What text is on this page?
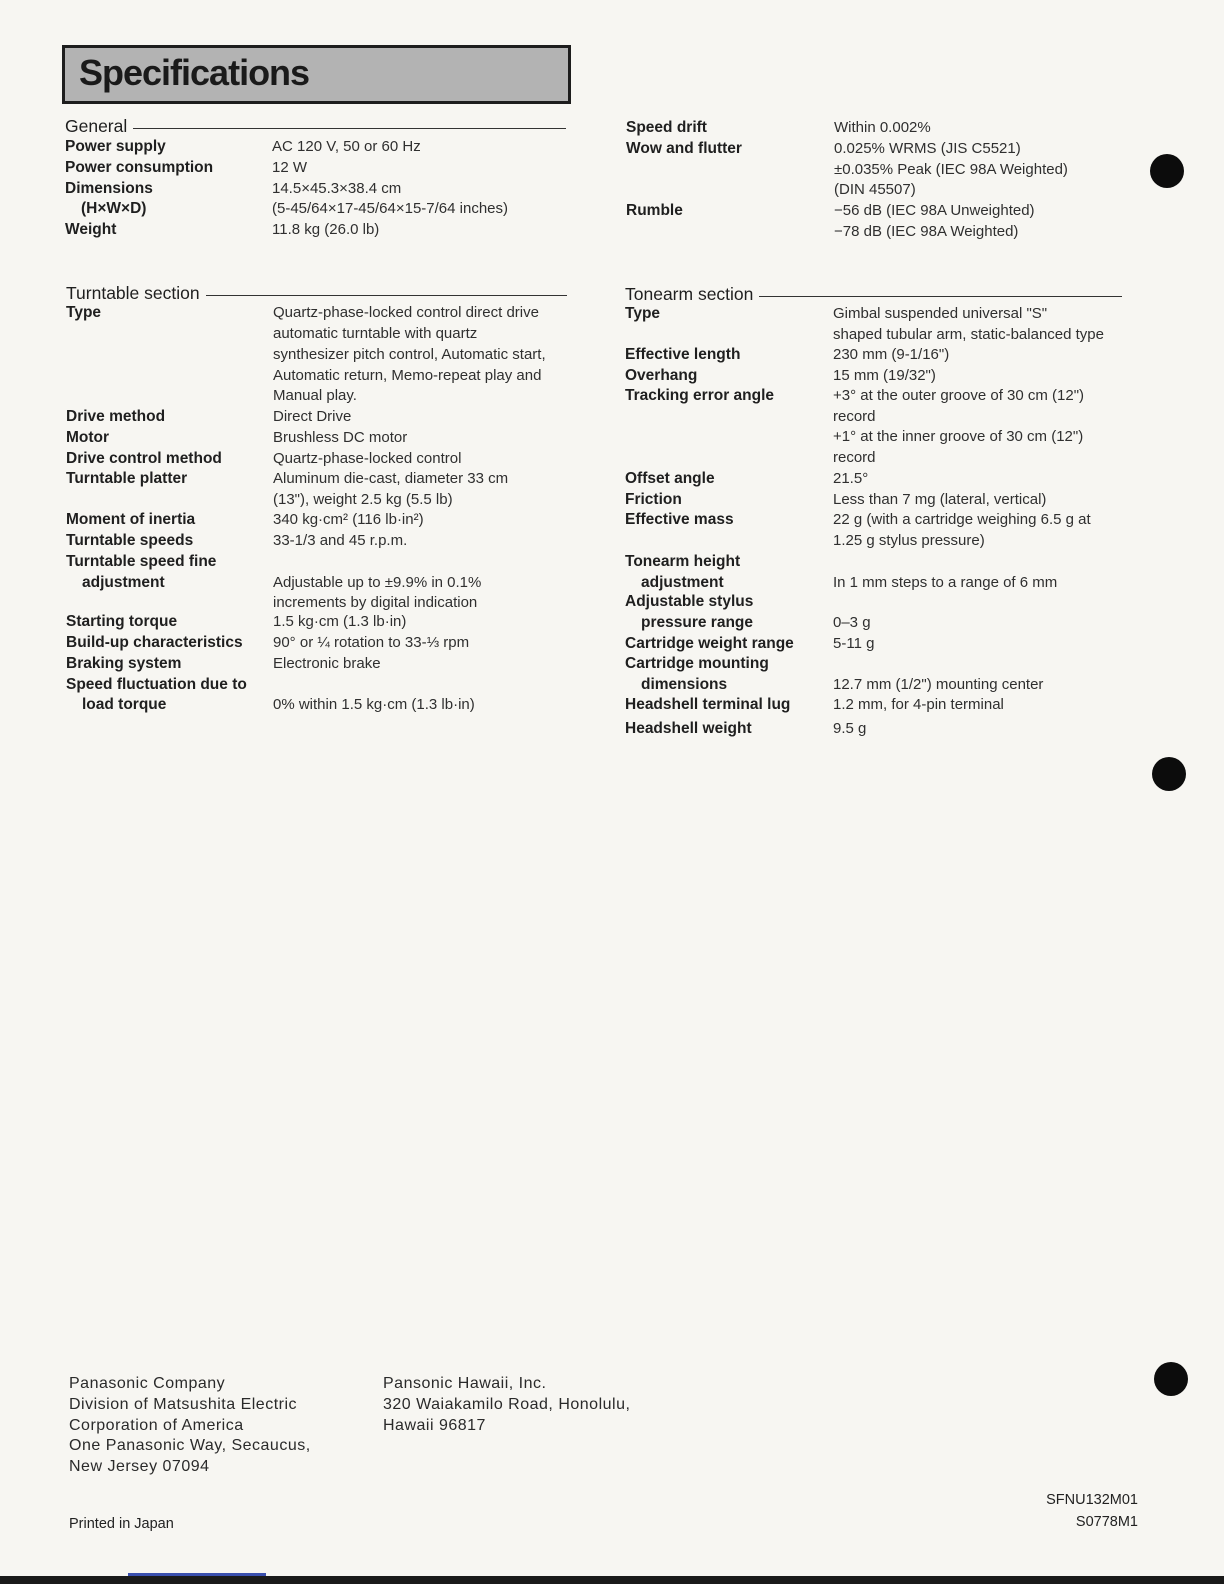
Specifications
General
Power supply	AC 120 V, 50 or 60 Hz
Power consumption	12 W
Dimensions	14.5×45.3×38.4 cm
(H×W×D)	(5-45/64×17-45/64×15-7/64 inches)
Weight	11.8 kg (26.0 lb)
Speed drift	Within 0.002%
Wow and flutter	0.025% WRMS (JIS C5521)
±0.035% Peak (IEC 98A Weighted)
(DIN 45507)
Rumble	−56 dB (IEC 98A Unweighted)
−78 dB (IEC 98A Weighted)
Turntable section
Type	Quartz-phase-locked control direct drive
automatic turntable with quartz
synthesizer pitch control, Automatic start,
Automatic return, Memo-repeat play and
Manual play.
Drive method	Direct Drive
Motor	Brushless DC motor
Drive control method	Quartz-phase-locked control
Turntable platter	Aluminum die-cast, diameter 33 cm
(13"), weight 2.5 kg (5.5 lb)
Moment of inertia	340 kg·cm² (116 lb·in²)
Turntable speeds	33-1/3 and 45 r.p.m.
Turntable speed fine
adjustment	Adjustable up to ±9.9% in 0.1%
increments by digital indication
Starting torque	1.5 kg·cm (1.3 lb·in)
Build-up characteristics 90° or ¼ rotation to 33-⅓ rpm
Braking system	Electronic brake
Speed fluctuation due to
load torque	0% within 1.5 kg·cm (1.3 lb·in)
Tonearm section
Type	Gimbal suspended universal "S"
shaped tubular arm, static-balanced type
Effective length	230 mm (9-1/16")
Overhang	15 mm (19/32")
Tracking error angle	+3° at the outer groove of 30 cm (12")
record
+1° at the inner groove of 30 cm (12")
record
Offset angle	21.5°
Friction	Less than 7 mg (lateral, vertical)
Effective mass	22 g (with a cartridge weighing 6.5 g at
1.25 g stylus pressure)
Tonearm height
adjustment	In 1 mm steps to a range of 6 mm
Adjustable stylus
pressure range	0–3 g
Cartridge weight range	5-11 g
Cartridge mounting
dimensions	12.7 mm (1/2") mounting center
Headshell terminal lug	1.2 mm, for 4-pin terminal
Headshell weight	9.5 g
Panasonic Company
Division of Matsushita Electric
Corporation of America
One Panasonic Way, Secaucus,
New Jersey 07094
Pansonic Hawaii, Inc.
320 Waiakamilo Road, Honolulu,
Hawaii 96817
Printed in Japan
SFNU132M01
S0778M1
